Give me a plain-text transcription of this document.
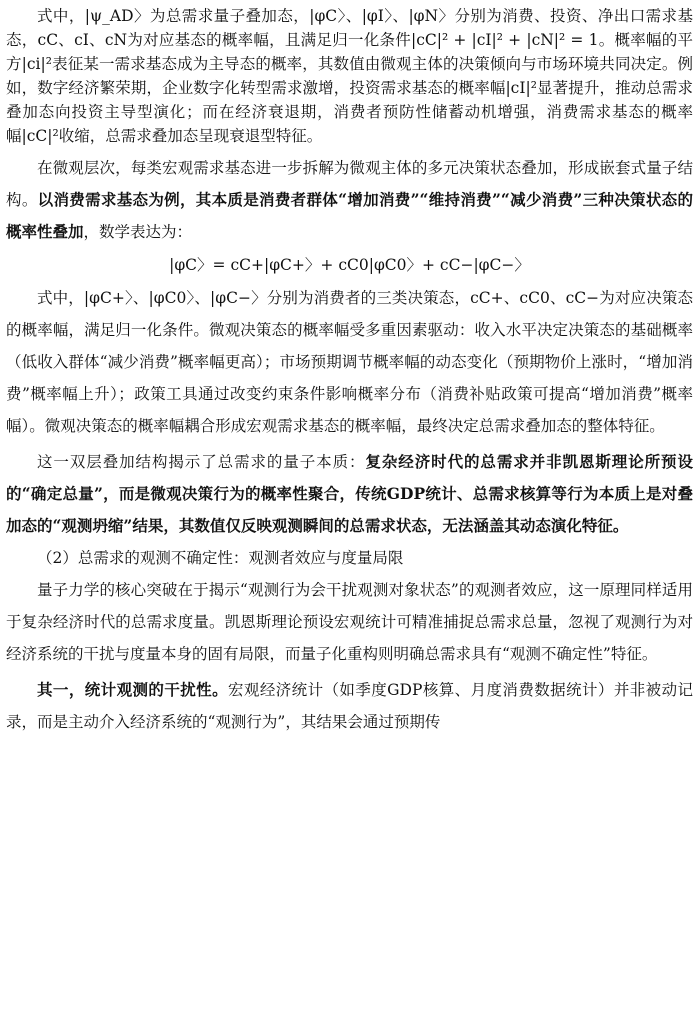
式中，|ψ_AD〉为总需求量子叠加态，|φC〉、|φI〉、|φN〉分别为消费、投资、净出口需求基态，cC、cI、cN为对应基态的概率幅，且满足归一化条件|cC|² + |cI|² + |cN|² = 1。概率幅的平方|ci|²表征某一需求基态成为主导态的概率，其数值由微观主体的决策倾向与市场环境共同决定。例如，数字经济繁荣期，企业数字化转型需求激增，投资需求基态的概率幅|cI|²显著提升，推动总需求叠加态向投资主导型演化；而在经济衰退期，消费者预防性储蓄动机增强，消费需求基态的概率幅|cC|²收缩，总需求叠加态呈现衰退型特征。

在微观层次，每类宏观需求基态进一步拆解为微观主体的多元决策状态叠加，形成嵌套式量子结构。以消费需求基态为例，其本质是消费者群体“增加消费”“维持消费”“减少消费”三种决策状态的概率性叠加，数学表达为：

|φC〉= cC+|φC+〉+ cC0|φC0〉+ cC−|φC−〉

式中，|φC+〉、|φC0〉、|φC−〉分别为消费者的三类决策态，cC+、cC0、cC−为对应决策态的概率幅，满足归一化条件。微观决策态的概率幅受多重因素驱动：收入水平决定决策态的基础概率（低收入群体“减少消费”概率幅更高）；市场预期调节概率幅的动态变化（预期物价上涨时，“增加消费”概率幅上升）；政策工具通过改变约束条件影响概率分布（消费补贴政策可提高“增加消费”概率幅）。微观决策态的概率幅耦合形成宏观需求基态的概率幅，最终决定总需求叠加态的整体特征。

这一双层叠加结构揭示了总需求的量子本质：复杂经济时代的总需求并非凯恩斯理论所预设的“确定总量”，而是微观决策行为的概率性聚合，传统GDP统计、总需求核算等行为本质上是对叠加态的“观测坍缩”结果，其数值仅反映观测瞬间的总需求状态，无法涵盖其动态演化特征。

（2）总需求的观测不确定性：观测者效应与度量局限

量子力学的核心突破在于揭示“观测行为会干扰观测对象状态”的观测者效应，这一原理同样适用于复杂经济时代的总需求度量。凯恩斯理论预设宏观统计可精准捕捉总需求总量，忽视了观测行为对经济系统的干扰与度量本身的固有局限，而量子化重构则明确总需求具有“观测不确定性”特征。

其一，统计观测的干扰性。宏观经济统计（如季度GDP核算、月度消费数据统计）并非被动记录，而是主动介入经济系统的“观测行为”，其结果会通过预期传
